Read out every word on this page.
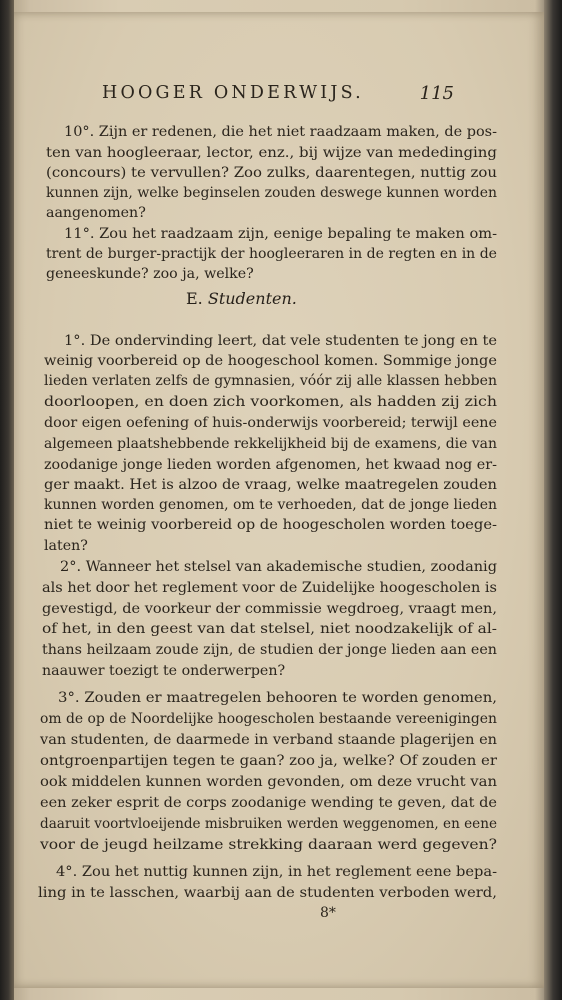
HOOGER ONDERWIJS.	115
10°. Zijn er redenen, die het niet raadzaam maken, de pos-
ten van hoogleeraar, lector, enz., bij wijze van mededinging
(concours) te vervullen? Zoo zulks, daarentegen, nuttig zou
kunnen zijn, welke beginselen zouden deswege kunnen worden
aangenomen?
11°. Zou het raadzaam zijn, eenige bepaling te maken om-
trent de burger-practijk der hoogleeraren in de regten en in de
geneeskunde? zoo ja, welke?
E. Studenten.
1°. De ondervinding leert, dat vele studenten te jong en te
weinig voorbereid op de hoogeschool komen. Sommige jonge
lieden verlaten zelfs de gymnasien, vóór zij alle klassen hebben
doorloopen, en doen zich voorkomen, als hadden zij zich
door eigen oefening of huis-onderwijs voorbereid; terwijl eene
algemeen plaatshebbende rekkelijkheid bij de examens, die van
zoodanige jonge lieden worden afgenomen, het kwaad nog er-
ger maakt. Het is alzoo de vraag, welke maatregelen zouden
kunnen worden genomen, om te verhoeden, dat de jonge lieden
niet te weinig voorbereid op de hoogescholen worden toege-
laten?
2°. Wanneer het stelsel van akademische studien, zoodanig
als het door het reglement voor de Zuidelijke hoogescholen is
gevestigd, de voorkeur der commissie wegdroeg, vraagt men,
of het, in den geest van dat stelsel, niet noodzakelijk of al-
thans heilzaam zoude zijn, de studien der jonge lieden aan een
naauwer toezigt te onderwerpen?
3°. Zouden er maatregelen behooren te worden genomen,
om de op de Noordelijke hoogescholen bestaande vereenigingen
van studenten, de daarmede in verband staande plagerijen en
ontgroenpartijen tegen te gaan? zoo ja, welke? Of zouden er
ook middelen kunnen worden gevonden, om deze vrucht van
een zeker esprit de corps zoodanige wending te geven, dat de
daaruit voortvloeijende misbruiken werden weggenomen, en eene
voor de jeugd heilzame strekking daaraan werd gegeven?
4°. Zou het nuttig kunnen zijn, in het reglement eene bepa-
ling in te lasschen, waarbij aan de studenten verboden werd,
8*
